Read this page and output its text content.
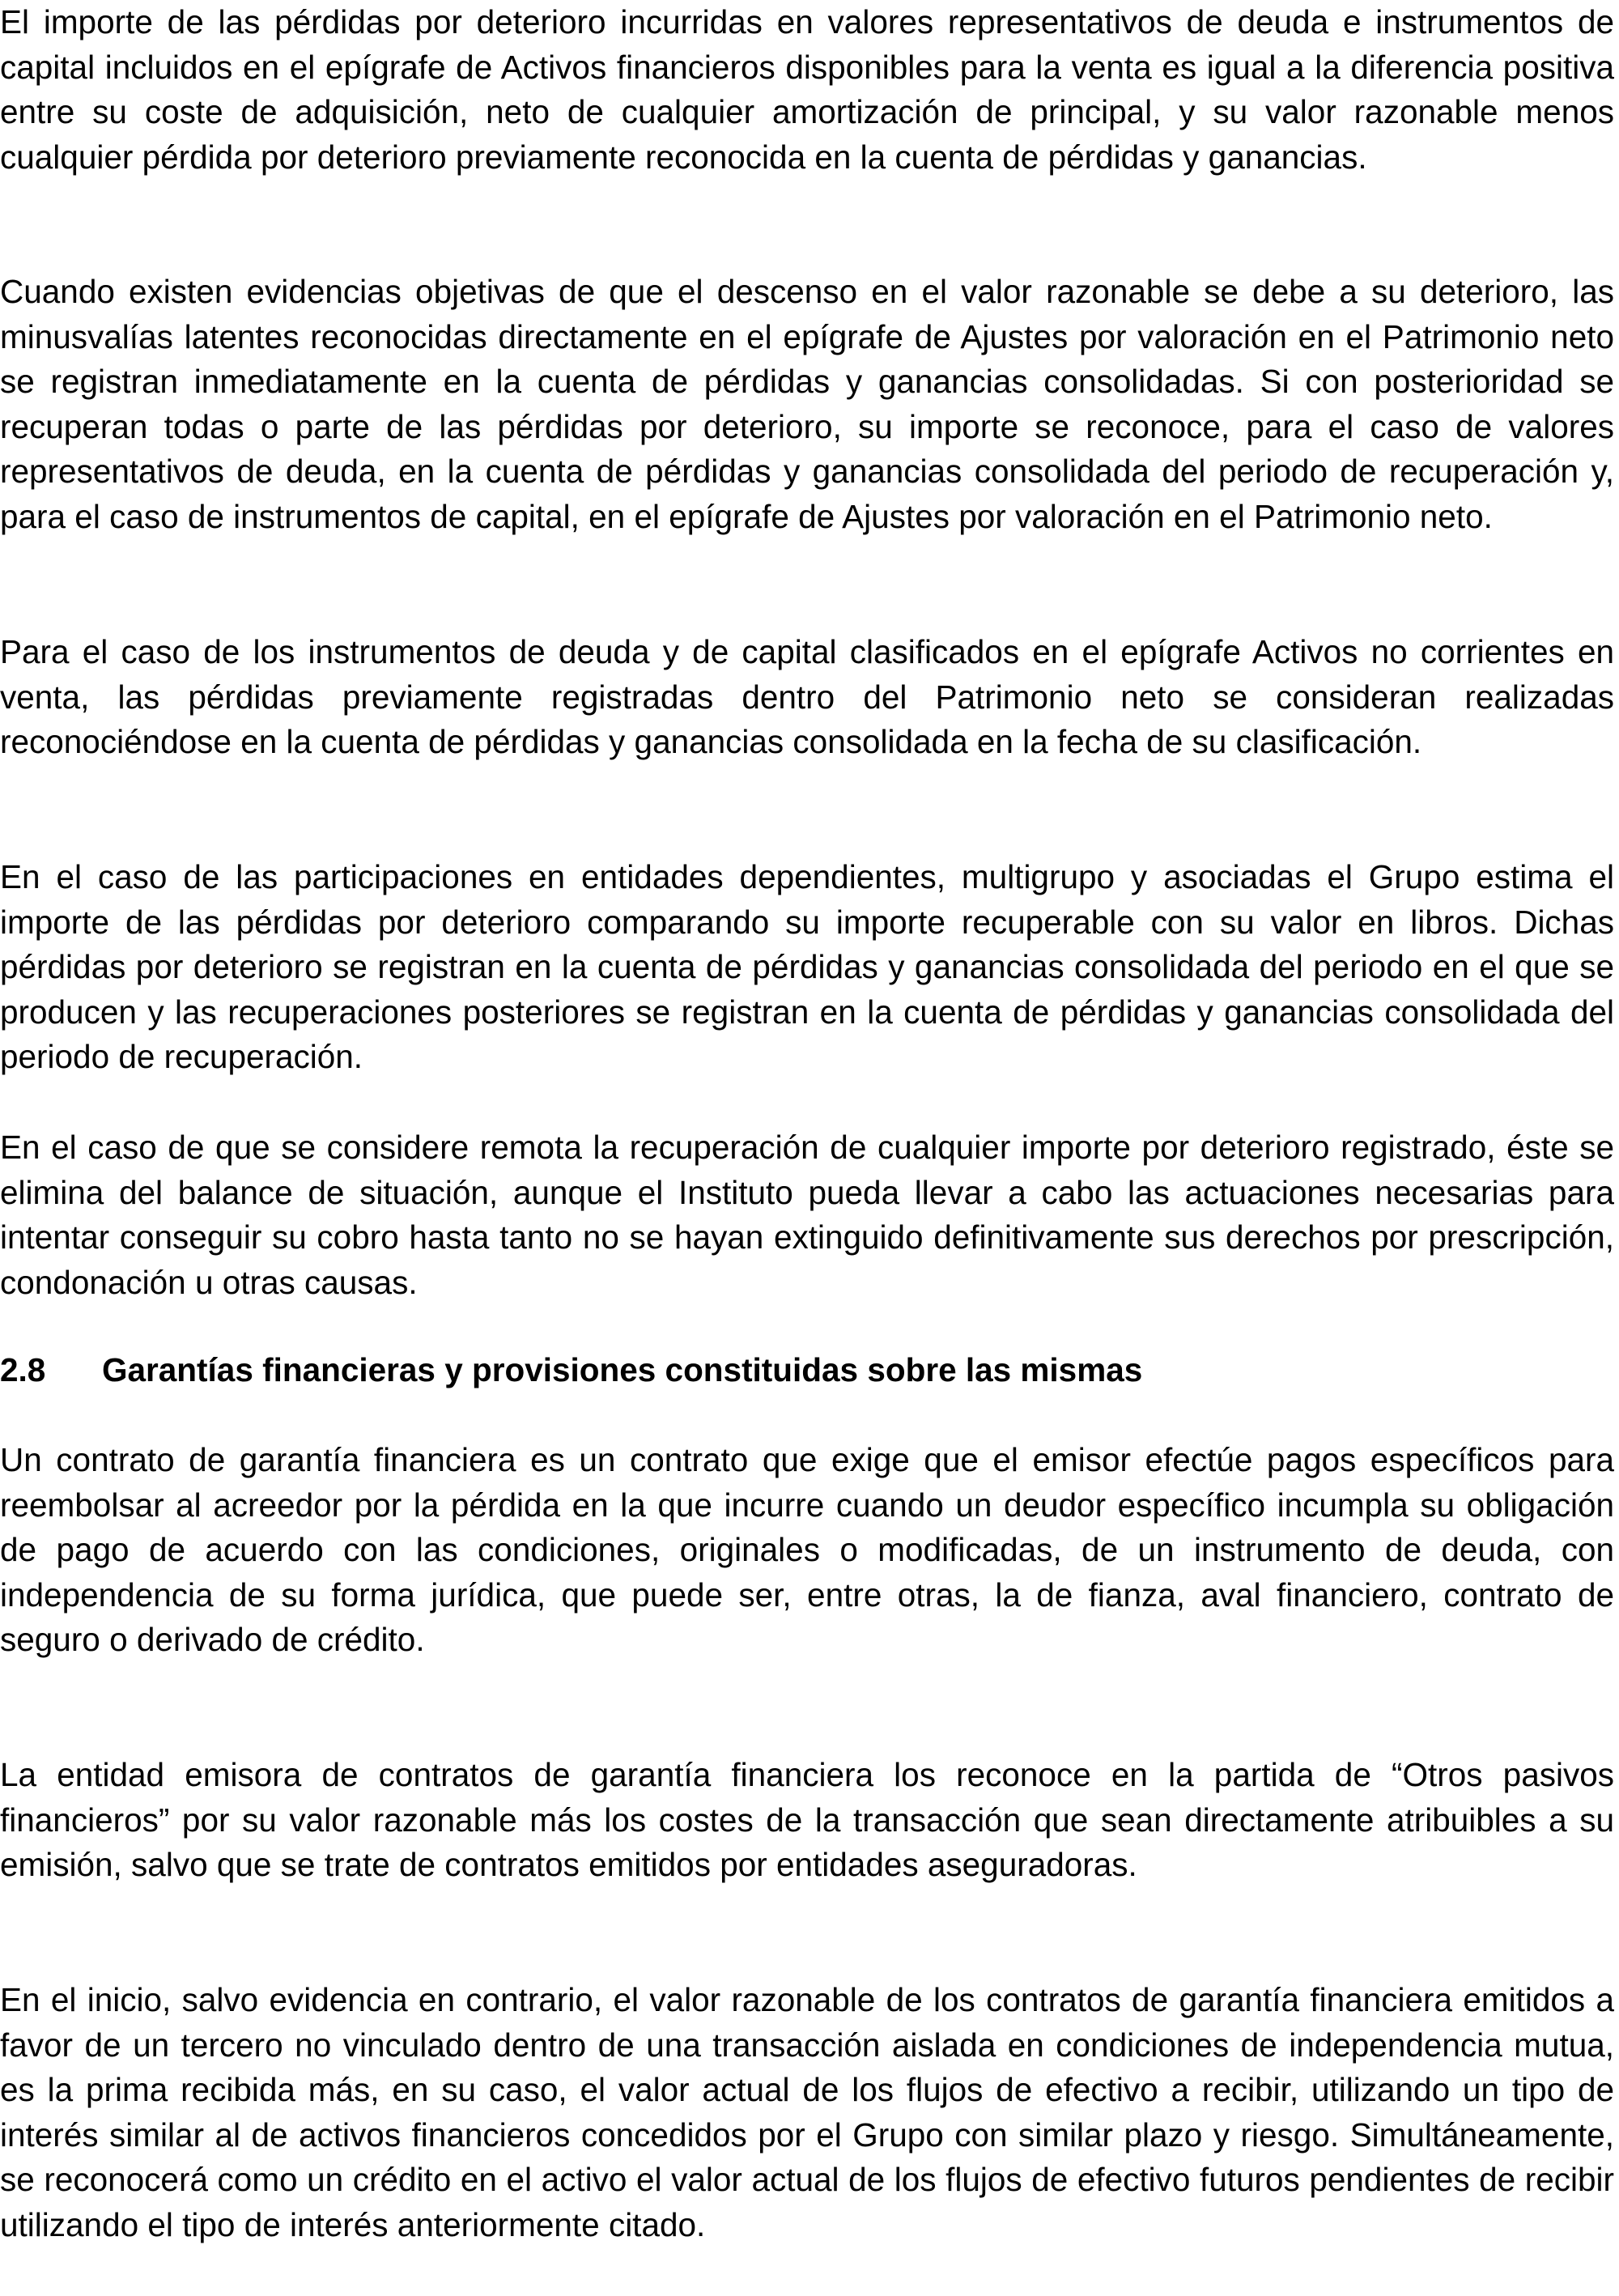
El importe de las pérdidas por deterioro incurridas en valores representativos de deuda e instrumentos de capital incluidos en el epígrafe de Activos financieros disponibles para la venta es igual a la diferencia positiva entre su coste de adquisición, neto de cualquier amortización de principal, y su valor razonable menos cualquier pérdida por deterioro previamente reconocida en la cuenta de pérdidas y ganancias.

Cuando existen evidencias objetivas de que el descenso en el valor razonable se debe a su deterioro, las minusvalías latentes reconocidas directamente en el epígrafe de Ajustes por valoración en el Patrimonio neto se registran inmediatamente en la cuenta de pérdidas y ganancias consolidadas. Si con posterioridad se recuperan todas o parte de las pérdidas por deterioro, su importe se reconoce, para el caso de valores representativos de deuda, en la cuenta de pérdidas y ganancias consolidada del periodo de recuperación y, para el caso de instrumentos de capital, en el epígrafe de Ajustes por valoración en el Patrimonio neto.

Para el caso de los instrumentos de deuda y de capital clasificados en el epígrafe Activos no corrientes en venta, las pérdidas previamente registradas dentro del Patrimonio neto se consideran realizadas reconociéndose en la cuenta de pérdidas y ganancias consolidada en la fecha de su clasificación.

En el caso de las participaciones en entidades dependientes, multigrupo y asociadas el Grupo estima el importe de las pérdidas por deterioro comparando su importe recuperable con su valor en libros. Dichas pérdidas por deterioro se registran en la cuenta de pérdidas y ganancias consolidada del periodo en el que se producen y las recuperaciones posteriores se registran en la cuenta de pérdidas y ganancias consolidada del periodo de recuperación.

En el caso de que se considere remota la recuperación de cualquier importe por deterioro registrado, éste se elimina del balance de situación, aunque el Instituto pueda llevar a cabo las actuaciones necesarias para intentar conseguir su cobro hasta tanto no se hayan extinguido definitivamente sus derechos por prescripción, condonación u otras causas.

2.8 Garantías financieras y provisiones constituidas sobre las mismas

Un contrato de garantía financiera es un contrato que exige que el emisor efectúe pagos específicos para reembolsar al acreedor por la pérdida en la que incurre cuando un deudor específico incumpla su obligación de pago de acuerdo con las condiciones, originales o modificadas, de un instrumento de deuda, con independencia de su forma jurídica, que puede ser, entre otras, la de fianza, aval financiero, contrato de seguro o derivado de crédito.

La entidad emisora de contratos de garantía financiera los reconoce en la partida de “Otros pasivos financieros” por su valor razonable más los costes de la transacción que sean directamente atribuibles a su emisión, salvo que se trate de contratos emitidos por entidades aseguradoras.

En el inicio, salvo evidencia en contrario, el valor razonable de los contratos de garantía financiera emitidos a favor de un tercero no vinculado dentro de una transacción aislada en condiciones de independencia mutua, es la prima recibida más, en su caso, el valor actual de los flujos de efectivo a recibir, utilizando un tipo de interés similar al de activos financieros concedidos por el Grupo con similar plazo y riesgo. Simultáneamente, se reconocerá como un crédito en el activo el valor actual de los flujos de efectivo futuros pendientes de recibir utilizando el tipo de interés anteriormente citado.
